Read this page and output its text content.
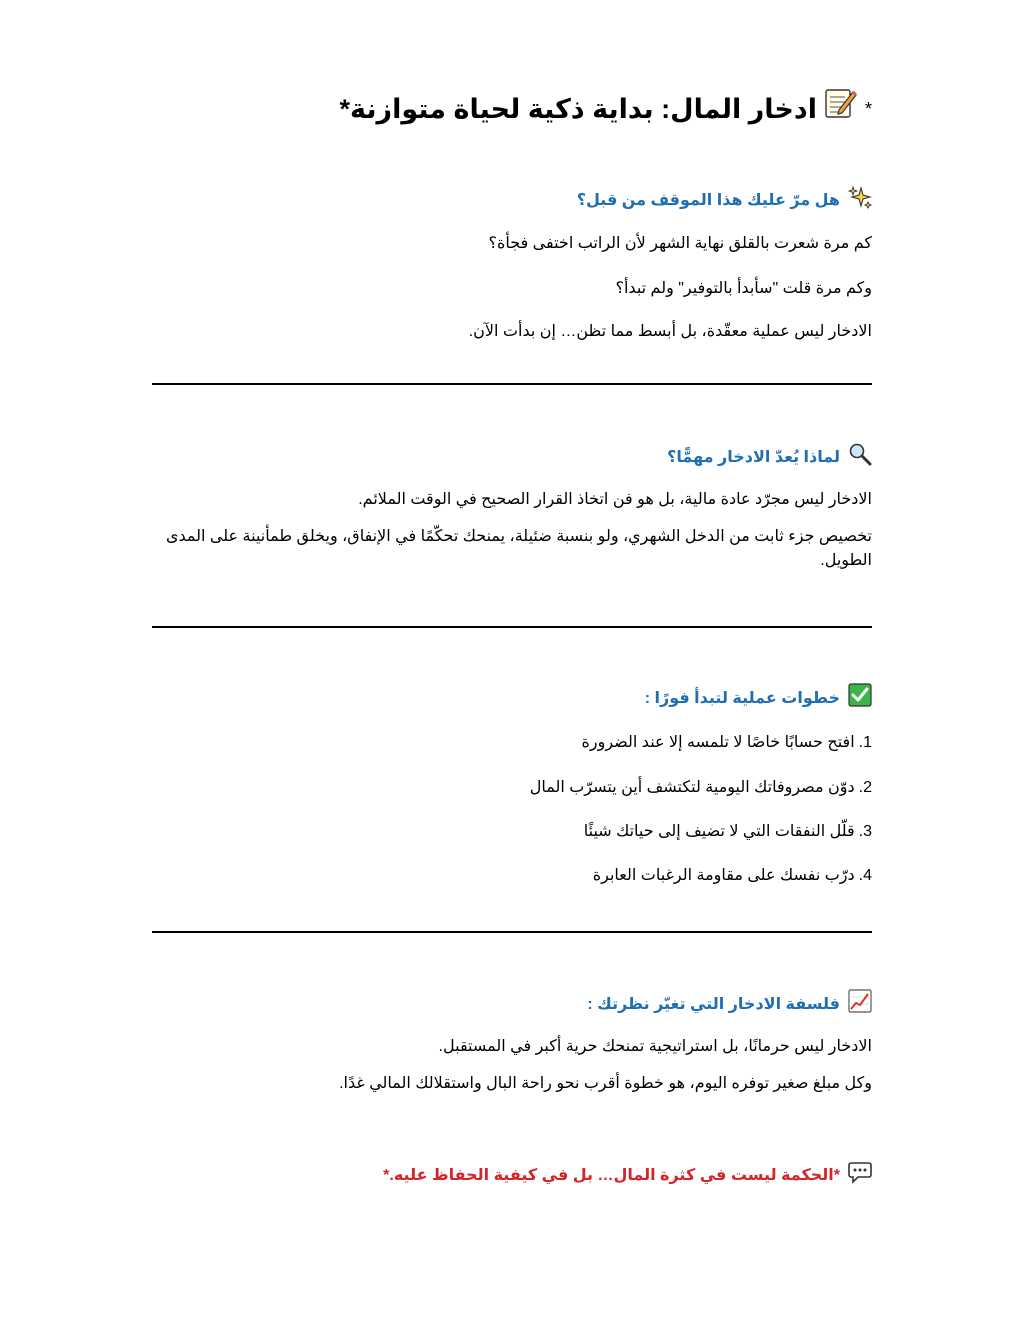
*
ادخار المال: بداية ذكية لحياة متوازنة*
هل مرّ عليك هذا الموقف من قبل؟

كم مرة شعرت بالقلق نهاية الشهر لأن الراتب اختفى فجأة؟

وكم مرة قلت "سأبدأ بالتوفير" ولم تبدأ؟

الادخار ليس عملية معقّدة، بل أبسط مما تظن… إن بدأت الآن.

لماذا يُعدّ الادخار مهمًّا؟

الادخار ليس مجرّد عادة مالية، بل هو فن اتخاذ القرار الصحيح في الوقت الملائم.

تخصيص جزء ثابت من الدخل الشهري، ولو بنسبة ضئيلة، يمنحك تحكّمًا في الإنفاق، ويخلق طمأنينة على المدى الطويل.

خطوات عملية لتبدأ فورًا :
1.
افتح حسابًا خاصًا لا تلمسه إلا عند الضرورة
2.
دوّن مصروفاتك اليومية لتكتشف أين يتسرّب المال
3.
قلّل النفقات التي لا تضيف إلى حياتك شيئًا
4.
درّب نفسك على مقاومة الرغبات العابرة
فلسفة الادخار التي تغيّر نظرتك :

الادخار ليس حرمانًا، بل استراتيجية تمنحك حرية أكبر في المستقبل.

وكل مبلغ صغير توفره اليوم، هو خطوة أقرب نحو راحة البال واستقلالك المالي غدًا.

*الحكمة ليست في كثرة المال… بل في كيفية الحفاظ عليه.*
